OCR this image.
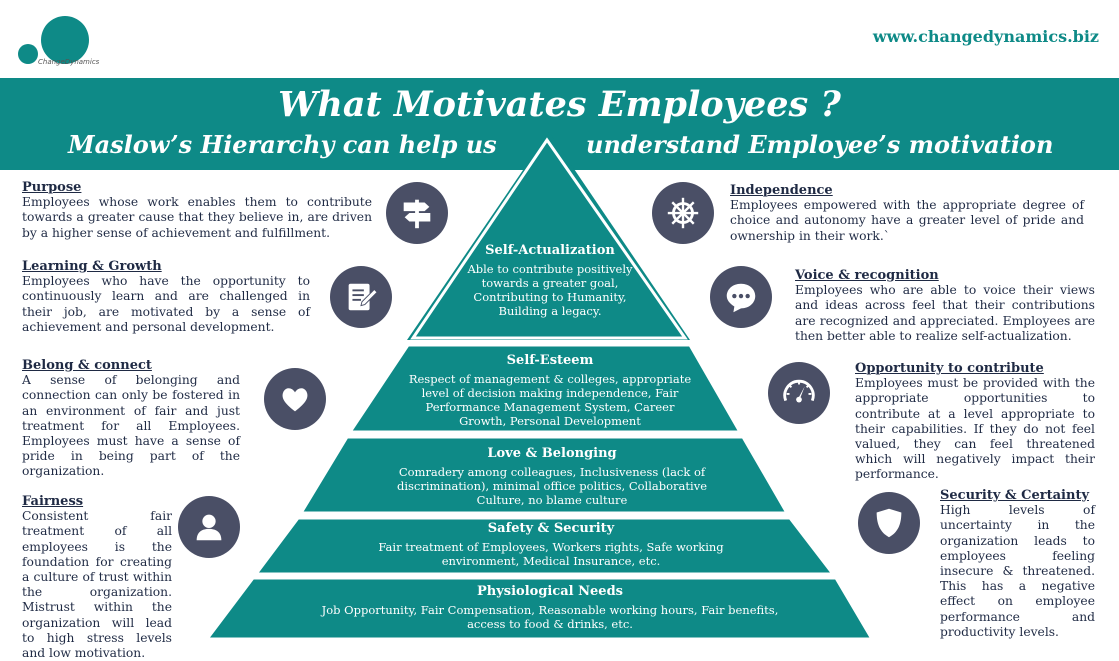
ChangeDynamics
www.changedynamics.biz
What Motivates Employees ?
Maslow’s Hierarchy can help us	understand Employee’s motivation
Self-Actualization
Able to contribute positively towards a greater goal, Contributing to Humanity, Building a legacy.
Self-Esteem
Respect of management & colleges, appropriate level of decision making independence, Fair Performance Management System, Career Growth, Personal Development
Love & Belonging
Comradery among colleagues, Inclusiveness (lack of discrimination), minimal office politics, Collaborative Culture, no blame culture
Safety & Security
Fair treatment of Employees, Workers rights, Safe working environment, Medical Insurance, etc.
Physiological Needs
Job Opportunity, Fair Compensation, Reasonable working hours, Fair benefits, access to food & drinks, etc.
Purpose
Employees whose work enables them to contribute towards a greater cause that they believe in, are driven by a higher sense of achievement and fulfillment.
Learning & Growth
Employees who have the opportunity to continuously learn and are challenged in their job, are motivated by a sense of achievement and personal development.
Belong & connect
A sense of belonging and connection can only be fostered in an environment of fair and just treatment for all Employees. Employees must have a sense of pride in being part of the organization.
Fairness
Consistent fair treatment of all employees is the foundation for creating a culture of trust within the organization. Mistrust within the organization will lead to high stress levels and low motivation.
Independence
Employees empowered with the appropriate degree of choice and autonomy have a greater level of pride and ownership in their work.`
Voice & recognition
Employees who are able to voice their views and ideas across feel that their contributions are recognized and appreciated. Employees are then better able to realize self-actualization.
Opportunity to contribute
Employees must be provided with the appropriate opportunities to contribute at a level appropriate to their capabilities. If they do not feel valued, they can feel threatened which will negatively impact their performance.
Security & Certainty
High levels of uncertainty in the organization leads to employees feeling insecure & threatened. This has a negative effect on employee performance and productivity levels.
